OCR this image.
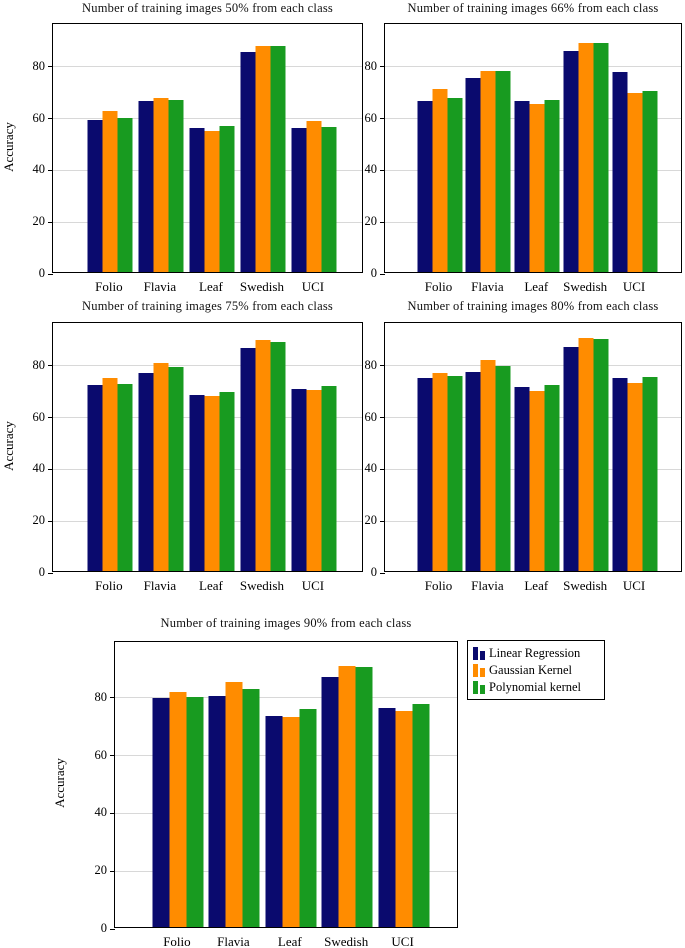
Number of training images 50% from each class
Accuracy
0
20
40
60
80
Folio Flavia Leaf Swedish UCI
Number of training images 66% from each class
0
20
40
60
80
Folio Flavia Leaf Swedish UCI
Number of training images 75% from each class
Accuracy
0
20
40
60
80
Folio Flavia Leaf Swedish UCI
Number of training images 80% from each class
0
20
40
60
80
Folio Flavia Leaf Swedish UCI
Number of training images 90% from each class
Accuracy
0
20
40
60
80
Folio Flavia Leaf Swedish UCI
Linear Regression
Gaussian Kernel
Polynomial kernel
